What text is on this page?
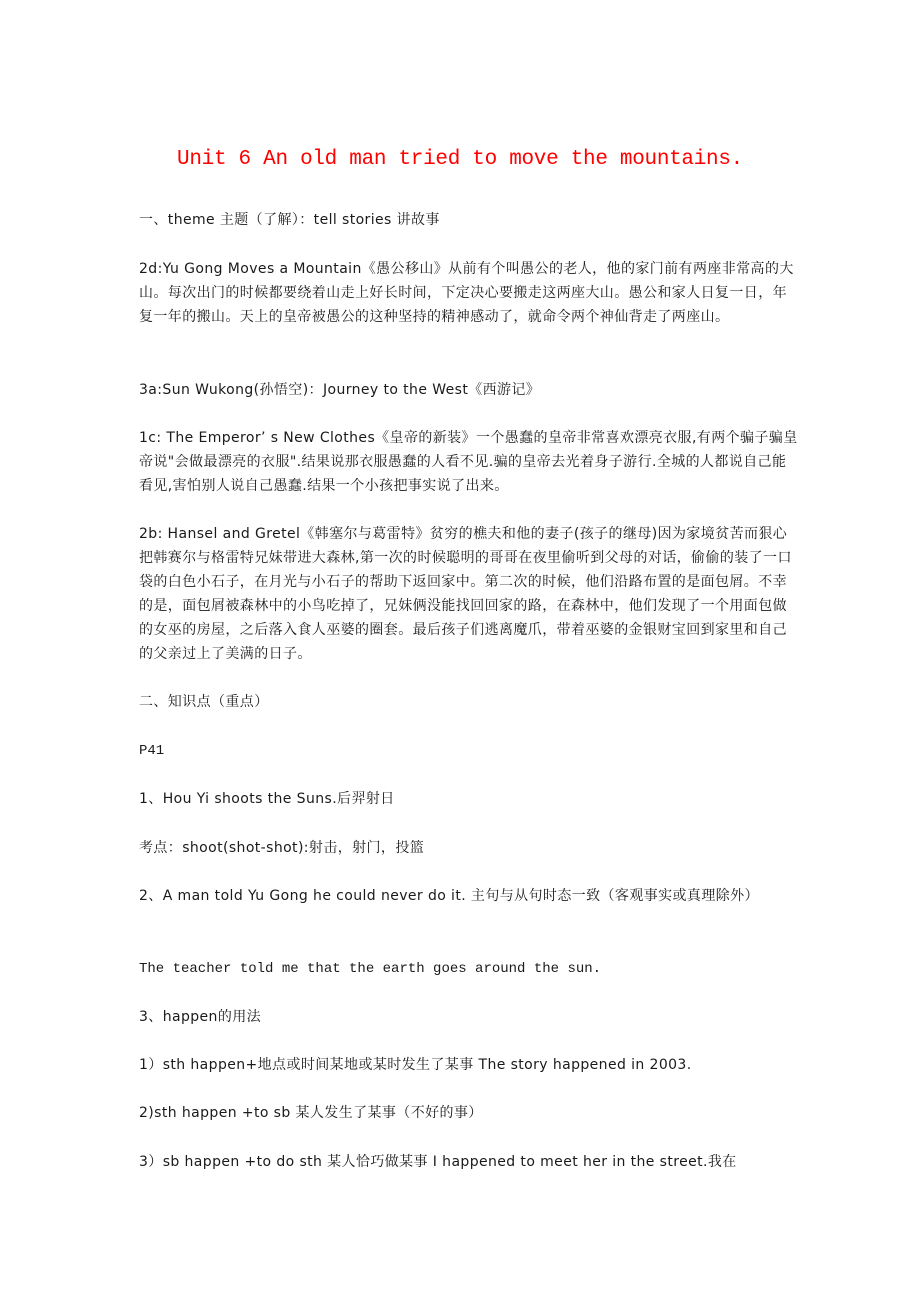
Unit 6 An old man tried to move the mountains.
一、theme 主题（了解）：tell stories 讲故事
2d:Yu Gong Moves a Mountain《愚公移山》从前有个叫愚公的老人，他的家门前有两座非常高的大山。每次出门的时候都要绕着山走上好长时间，下定决心要搬走这两座大山。愚公和家人日复一日，年复一年的搬山。天上的皇帝被愚公的这种坚持的精神感动了，就命令两个神仙背走了两座山。
3a:Sun Wukong(孙悟空)：Journey to the West《西游记》
1c: The Emperor’ s New Clothes《皇帝的新装》一个愚蠢的皇帝非常喜欢漂亮衣服,有两个骗子骗皇帝说"会做最漂亮的衣服".结果说那衣服愚蠢的人看不见.骗的皇帝去光着身子游行.全城的人都说自己能看见,害怕别人说自己愚蠢.结果一个小孩把事实说了出来。
2b: Hansel and Gretel《韩塞尔与葛雷特》贫穷的樵夫和他的妻子(孩子的继母)因为家境贫苦而狠心把韩赛尔与格雷特兄妹带进大森林,第一次的时候聪明的哥哥在夜里偷听到父母的对话，偷偷的装了一口袋的白色小石子，在月光与小石子的帮助下返回家中。第二次的时候，他们沿路布置的是面包屑。不幸的是，面包屑被森林中的小鸟吃掉了，兄妹俩没能找回回家的路，在森林中，他们发现了一个用面包做的女巫的房屋，之后落入食人巫婆的圈套。最后孩子们逃离魔爪，带着巫婆的金银财宝回到家里和自己的父亲过上了美满的日子。
二、知识点（重点）
P41
1、Hou Yi shoots the Suns.后羿射日
考点：shoot(shot-shot):射击，射门，投篮
2、A man told Yu Gong he could never do it. 主句与从句时态一致（客观事实或真理除外）
The teacher told me that the earth goes around the sun.
3、happen的用法
1）sth happen+地点或时间某地或某时发生了某事 The story happened in 2003.
2)sth happen +to sb 某人发生了某事（不好的事）
3）sb happen +to do sth 某人恰巧做某事 I happened to meet her in the street.我在
